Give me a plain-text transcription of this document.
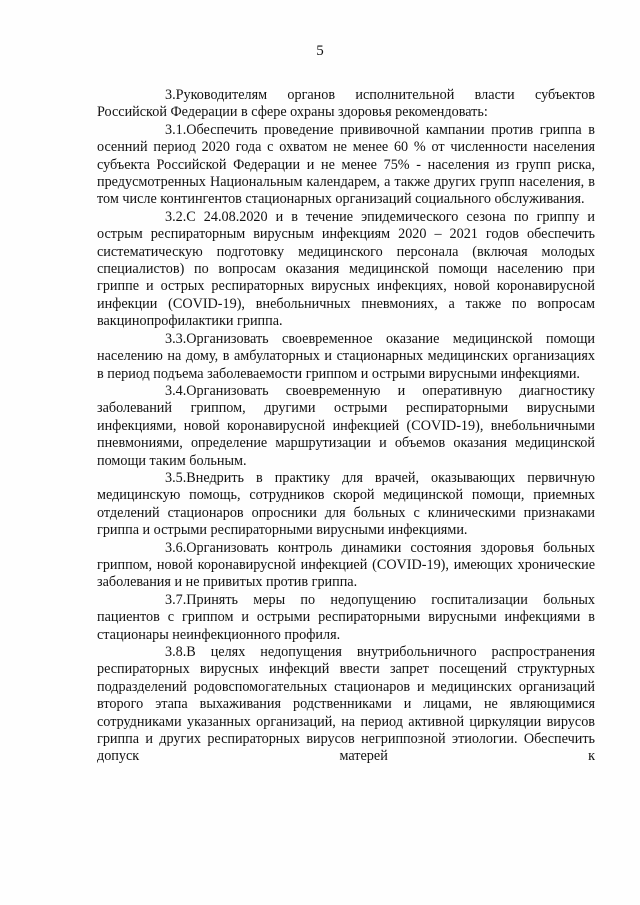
5

3.Руководителям органов исполнительной власти субъектов Российской Федерации в сфере охраны здоровья рекомендовать:

3.1.Обеспечить проведение прививочной кампании против гриппа в осенний период 2020 года с охватом не менее 60 % от численности населения субъекта Российской Федерации и не менее 75% - населения из групп риска, предусмотренных Национальным календарем, а также других групп населения, в том числе контингентов стационарных организаций социального обслуживания.

3.2.С 24.08.2020 и в течение эпидемического сезона по гриппу и острым респираторным вирусным инфекциям 2020 – 2021 годов обеспечить систематическую подготовку медицинского персонала (включая молодых специалистов) по вопросам оказания медицинской помощи населению при гриппе и острых респираторных вирусных инфекциях, новой коронавирусной инфекции (COVID-19), внебольничных пневмониях, а также по вопросам вакцинопрофилактики гриппа.

3.3.Организовать своевременное оказание медицинской помощи населению на дому, в амбулаторных и стационарных медицинских организациях в период подъема заболеваемости гриппом и острыми вирусными инфекциями.

3.4.Организовать своевременную и оперативную диагностику заболеваний гриппом, другими острыми респираторными вирусными инфекциями, новой коронавирусной инфекцией (COVID-19), внебольничными пневмониями, определение маршрутизации и объемов оказания медицинской помощи таким больным.

3.5.Внедрить в практику для врачей, оказывающих первичную медицинскую помощь, сотрудников скорой медицинской помощи, приемных отделений стационаров опросники для больных с клиническими признаками гриппа и острыми респираторными вирусными инфекциями.

3.6.Организовать контроль динамики состояния здоровья больных гриппом, новой коронавирусной инфекцией (COVID-19), имеющих хронические заболевания и не привитых против гриппа.

3.7.Принять меры по недопущению госпитализации больных пациентов с гриппом и острыми респираторными вирусными инфекциями в стационары неинфекционного профиля.

3.8.В целях недопущения внутрибольничного распространения респираторных вирусных инфекций ввести запрет посещений структурных подразделений родовспомогательных стационаров и медицинских организаций второго этапа выхаживания родственниками и лицами, не являющимися сотрудниками указанных организаций, на период активной циркуляции вирусов гриппа и других респираторных вирусов негриппозной этиологии. Обеспечить допуск матерей к
